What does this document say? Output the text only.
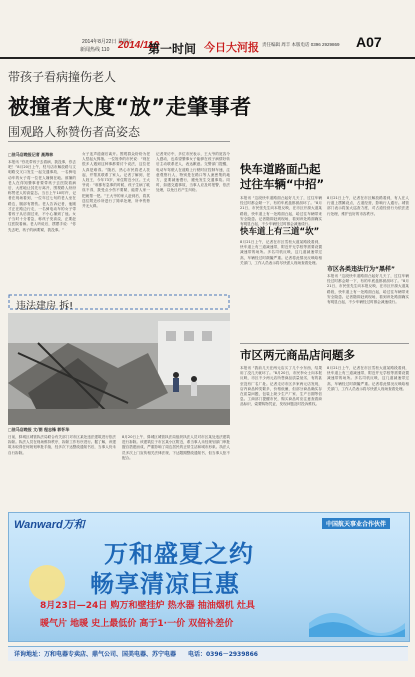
2014年8月22日 星期五
新闻热线 110 2014/110
第一时间 今日大河报 责任编辑 周丰 本版电话 0396 2929869 A07
带孩子看病撞伤老人
被撞者大度“放”走肇事者
围观路人称赞伤者高姿态
□驻马店晚报记者 高海林
本报讯 “你先带孩子去看病，我没事，你去吧！”8月20日上午，驻马店市解放路与文明路交叉口发生一起交通事故，一名骑电动车的女子将一位老人撞倒在地。被撞的老人在得知肇事者要带孩子去医院看病后，大度地让其先行离开，围观路人纷纷称赞老人的高姿态。当日上午10时许，记者在现场看到，一位年过七旬的老人坐在路边，腿部有擦伤。老人告诉记者，他刚才正在路边行走，一名骑电动车的女子带着孩子从后面过来，不小心撞到了他。女子当时十分着急，称孩子发高烧，正要赶往医院看病。老人听说后，摆摆手说：“你先去吧，孩子的病要紧，我没事。”
女子连声道谢后离开。围观群众纷纷为老人竖起大拇指。一位姓李的市民说：“现在很多人遇到这种事都要讨个说法，这位老人真是难得。”随后，热心市民将老人扶起，并帮其联系了家人。记者了解到，老人姓王，今年73岁，家住附近小区。王大爷说：“谁都有急事的时候，孩子生病了耽误不得，我受点小伤不要紧，能帮人家一把就帮一把。”王大爷的家人赶到后，将其送往附近诊所进行了简单处理，所幸伤势并无大碍。
记者采访中，多位市民表示，王大爷的宽容令人感动，也希望肇事女子能够在孩子病情好转后主动联系老人，表达歉意。交警部门提醒，电动车驾驶人在道路上行驶时应控制车速，注意观察行人，特别是在路口等人流密集的地方，更要减速慢行，避免发生交通事故。同时，如遇交通事故，当事人应及时报警，依法处理，以免日后产生纠纷。
违法建房 拆!
□驻马店晚报 文/图 程志锋 郭怀华
日前，驿城区城管执法局联合有关部门对市区某处违法建筑进行依法拆除。执法人员在现场维持秩序，拆除工作有序进行。据了解，该建筑未取得任何规划审批手续，经多次下达整改通知书后，当事人仍未自行拆除。
8月20日上午，驿城区城管执法局组织执法人员对市区某处违法建筑进行拆除。该建筑位于市区某小区附近，系当事人未经规划部门审批擅自搭建而成，严重影响了周边居民的正常生活和城市形象。执法人员多次上门宣传相关法律法规，下达限期整改通知书，但当事人拒不配合。
快车道路面凸起
过往车辆“中招”
本报讯 “这段快车道路面凸起好几天了，过往车辆经过时都会颠一下，有的车底盘都被刮坏了。”8月21日，市民张先生向本报反映，在市区开源大道某路段，快车道上有一处路面凸起，给过往车辆带来安全隐患。记者随即赶到现场，看到该处路面确实有明显凸起，不少车辆经过时都会减速绕行。
8月21日上午，记者在市区解放路看到，有人在人行道上摆摊设点，占道经营，影响行人通行。城管部门表示将加大巡查力度，对占道经营行为依法进行处理，维护良好的市容秩序。
快车道上有三道“坎”
8月21日上午，记者在市区雪松大道某路段看到，快车道上有三道减速带，附近并无学校等需要设置减速带的场所。多名司机反映，这几道减速带过高，车辆经过时颠簸严重。记者将此情况反映给相关部门，工作人员表示将尽快派人现场查看处理。
市区各类违法行为“黑样”
本报讯 “这段快车道路面凸起好几天了，过往车辆经过时都会颠一下，有的车底盘都被刮坏了。”8月21日，市民张先生向本报反映，在市区开源大道某路段，快车道上有一处路面凸起，给过往车辆带来安全隐患。记者随即赶到现场，看到该处路面确实有明显凸起，不少车辆经过时都会减速绕行。
市区两元商品店问题多
本报讯 “我前几天在两元店买了几个小东西，结果用了没几天就坏了。”8月20日，市民李女士向本报反映，市区不少两元店所售商品质量低劣，有的甚至没有厂名厂址。记者走访市区多家两元店发现，店内商品种类繁多，价格低廉，但部分商品确实存在质量问题，包装上缺少生产厂家、生产日期等信息。工商部门提醒市民，购买商品时应注意查看商品标识，索要购物凭证，发现问题及时投诉维权。
8月21日上午，记者在市区雪松大道某路段看到，快车道上有三道减速带，附近并无学校等需要设置减速带的场所。多名司机反映，这几道减速带过高，车辆经过时颠簸严重。记者将此情况反映给相关部门，工作人员表示将尽快派人现场查看处理。
Wanward万和	中国航天事业合作伙伴
万和盛夏之约
畅享清凉巨惠
8月23日—24日 购万和壁挂炉 热水器 抽油烟机 灶具
暖气片 地暖 史上最低价 高于1·一价 双倍补差价
详询地址：万和电器专卖店、鼎气公司、国美电器、苏宁电器　　电话：0396－2939866
